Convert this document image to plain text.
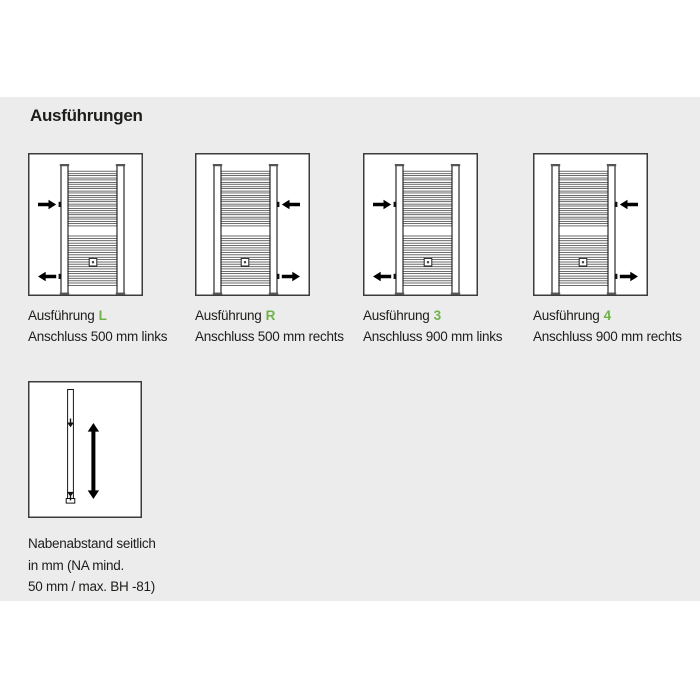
Ausführungen
Ausführung L
Anschluss 500 mm links
Ausführung R
Anschluss 500 mm rechts
Ausführung 3
Anschluss 900 mm links
Ausführung 4
Anschluss 900 mm rechts
Nabenabstand seitlich
in mm (NA mind.
50 mm / max. BH -81)
